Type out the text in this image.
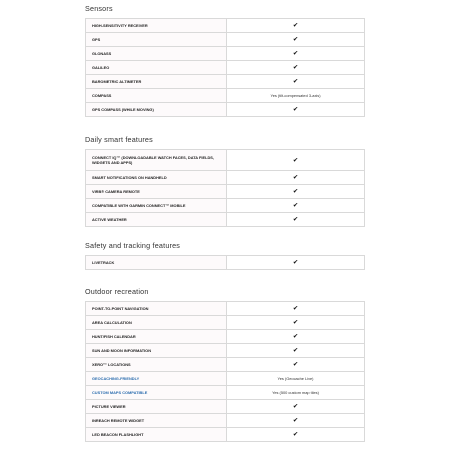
Sensors
HIGH-SENSITIVITY RECEIVER	✔
GPS	✔
GLONASS	✔
GALILEO	✔
BAROMETRIC ALTIMETER	✔
COMPASS	Yes (tilt-compensated 3-axis)
GPS COMPASS (WHILE MOVING)	✔
Daily smart features
CONNECT IQ™ (DOWNLOADABLE WATCH FACES, DATA FIELDS, WIDGETS AND APPS)	✔
SMART NOTIFICATIONS ON HANDHELD	✔
VIRB® CAMERA REMOTE	✔
COMPATIBLE WITH GARMIN CONNECT™ MOBILE	✔
ACTIVE WEATHER	✔
Safety and tracking features
LIVETRACK	✔
Outdoor recreation
POINT-TO-POINT NAVIGATION	✔
AREA CALCULATION	✔
HUNT/FISH CALENDAR	✔
SUN AND MOON INFORMATION	✔
XERO™ LOCATIONS	✔
GEOCACHING-FRIENDLY	Yes (Geocache Live)
CUSTOM MAPS COMPATIBLE	Yes (500 custom map tiles)
PICTURE VIEWER	✔
INREACH REMOTE WIDGET	✔
LED BEACON FLASHLIGHT	✔
